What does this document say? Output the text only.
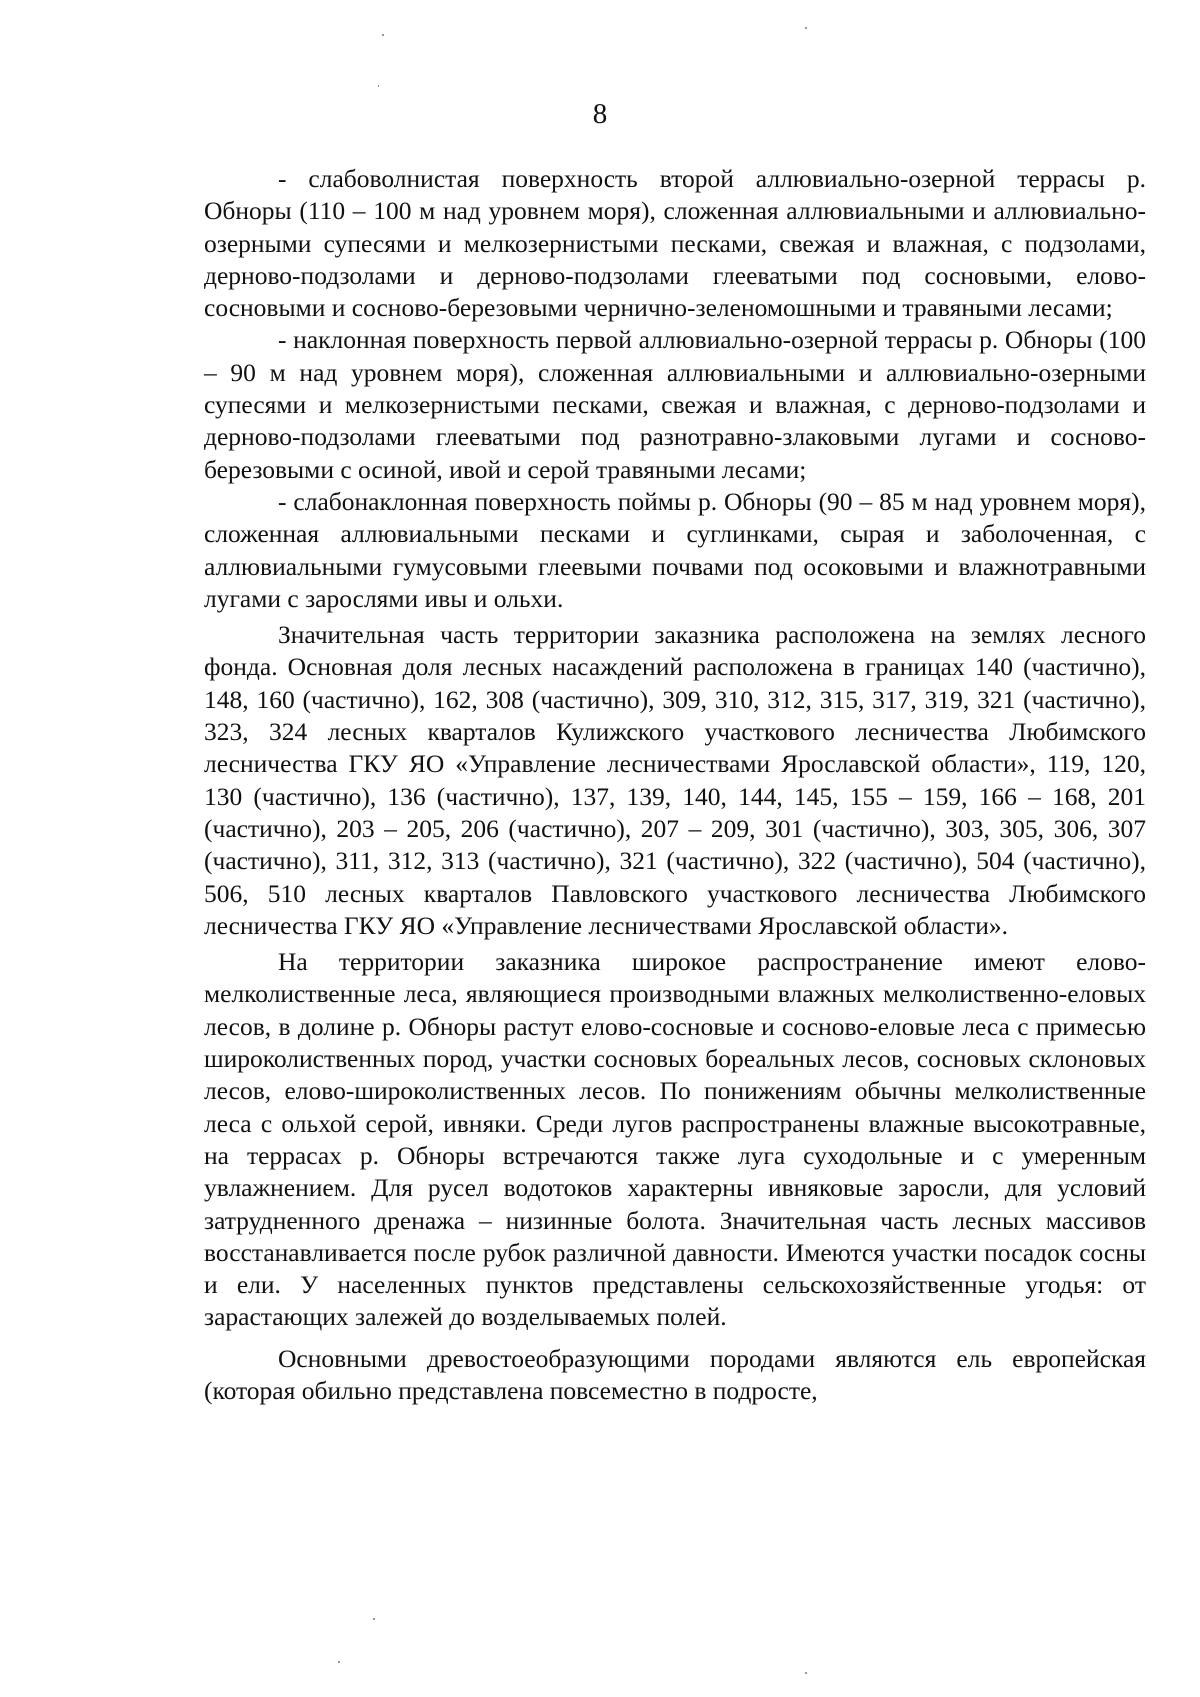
8

- слабоволнистая поверхность второй аллювиально-озерной террасы р. Обноры (110 – 100 м над уровнем моря), сложенная аллювиальными и аллювиально-озерными супесями и мелкозернистыми песками, свежая и влажная, с подзолами, дерново-подзолами и дерново-подзолами глееватыми под сосновыми, елово-сосновыми и сосново-березовыми чернично-зеленомошными и травяными лесами;

- наклонная поверхность первой аллювиально-озерной террасы р. Обноры (100 – 90 м над уровнем моря), сложенная аллювиальными и аллювиально-озерными супесями и мелкозернистыми песками, свежая и влажная, с дерново-подзолами и дерново-подзолами глееватыми под разнотравно-злаковыми лугами и сосново-березовыми с осиной, ивой и серой травяными лесами;

- слабонаклонная поверхность поймы р. Обноры (90 – 85 м над уровнем моря), сложенная аллювиальными песками и суглинками, сырая и заболоченная, с аллювиальными гумусовыми глеевыми почвами под осоковыми и влажнотравными лугами с зарослями ивы и ольхи.

Значительная часть территории заказника расположена на землях лесного фонда. Основная доля лесных насаждений расположена в границах 140 (частично), 148, 160 (частично), 162, 308 (частично), 309, 310, 312, 315, 317, 319, 321 (частично), 323, 324 лесных кварталов Кулижского участкового лесничества Любимского лесничества ГКУ ЯО «Управление лесничествами Ярославской области», 119, 120, 130 (частично), 136 (частично), 137, 139, 140, 144, 145, 155 – 159, 166 – 168, 201 (частично), 203 – 205, 206 (частично), 207 – 209, 301 (частично), 303, 305, 306, 307 (частично), 311, 312, 313 (частично), 321 (частично), 322 (частично), 504 (частично), 506, 510 лесных кварталов Павловского участкового лесничества Любимского лесничества ГКУ ЯО «Управление лесничествами Ярославской области».

На территории заказника широкое распространение имеют елово-мелколиственные леса, являющиеся производными влажных мелколиственно-еловых лесов, в долине р. Обноры растут елово-сосновые и сосново-еловые леса с примесью широколиственных пород, участки сосновых бореальных лесов, сосновых склоновых лесов, елово-широколиственных лесов. По понижениям обычны мелколиственные леса с ольхой серой, ивняки. Среди лугов распространены влажные высокотравные, на террасах р. Обноры встречаются также луга суходольные и с умеренным увлажнением. Для русел водотоков характерны ивняковые заросли, для условий затрудненного дренажа – низинные болота. Значительная часть лесных массивов восстанавливается после рубок различной давности. Имеются участки посадок сосны и ели. У населенных пунктов представлены сельскохозяйственные угодья: от зарастающих залежей до возделываемых полей.

Основными древостоеобразующими породами являются ель европейская (которая обильно представлена повсеместно в подросте,
